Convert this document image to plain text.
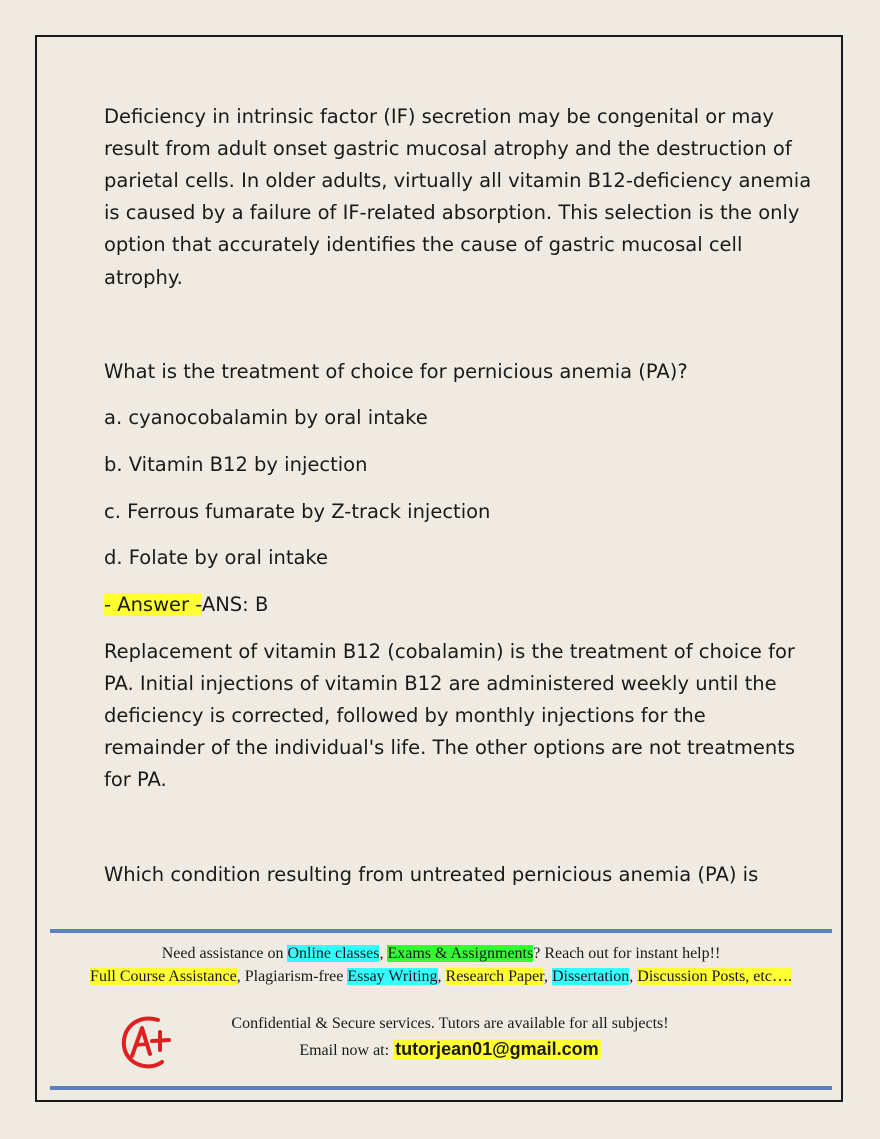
Deficiency in intrinsic factor (IF) secretion may be congenital or may
result from adult onset gastric mucosal atrophy and the destruction of
parietal cells. In older adults, virtually all vitamin B12-deficiency anemia
is caused by a failure of IF-related absorption. This selection is the only
option that accurately identifies the cause of gastric mucosal cell
atrophy.
What is the treatment of choice for pernicious anemia (PA)?
a. cyanocobalamin by oral intake
b. Vitamin B12 by injection
c. Ferrous fumarate by Z-track injection
d. Folate by oral intake
- Answer -ANS: B
Replacement of vitamin B12 (cobalamin) is the treatment of choice for
PA. Initial injections of vitamin B12 are administered weekly until the
deficiency is corrected, followed by monthly injections for the
remainder of the individual's life. The other options are not treatments
for PA.
Which condition resulting from untreated pernicious anemia (PA) is
Need assistance on Online classes, Exams & Assignments? Reach out for instant help!!
Full Course Assistance, Plagiarism-free Essay Writing, Research Paper, Dissertation, Discussion Posts, etc….
Confidential & Secure services. Tutors are available for all subjects!
Email now at: tutorjean01@gmail.com
